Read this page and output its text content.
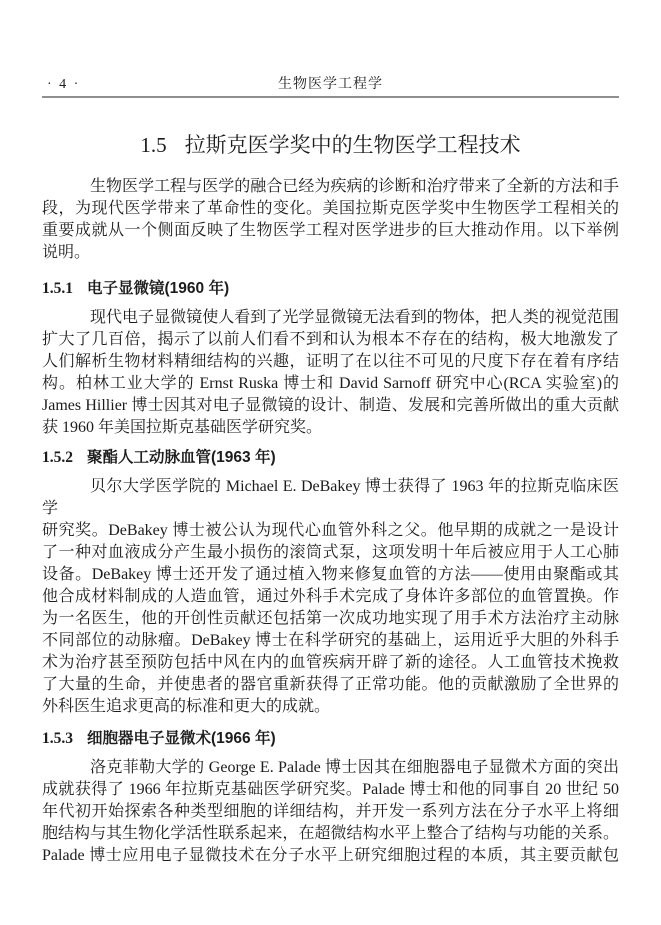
· 4 ·	生物医学工程学
1.5 拉斯克医学奖中的生物医学工程技术
生物医学工程与医学的融合已经为疾病的诊断和治疗带来了全新的方法和手
段，为现代医学带来了革命性的变化。美国拉斯克医学奖中生物医学工程相关的
重要成就从一个侧面反映了生物医学工程对医学进步的巨大推动作用。以下举例
说明。
1.5.1 电子显微镜(1960 年)
现代电子显微镜使人看到了光学显微镜无法看到的物体，把人类的视觉范围
扩大了几百倍，揭示了以前人们看不到和认为根本不存在的结构，极大地激发了
人们解析生物材料精细结构的兴趣，证明了在以往不可见的尺度下存在着有序结
构。柏林工业大学的 Ernst Ruska 博士和 David Sarnoff 研究中心(RCA 实验室)的
James Hillier 博士因其对电子显微镜的设计、制造、发展和完善所做出的重大贡献
获 1960 年美国拉斯克基础医学研究奖。
1.5.2 聚酯人工动脉血管(1963 年)
贝尔大学医学院的 Michael E. DeBakey 博士获得了 1963 年的拉斯克临床医学
研究奖。DeBakey 博士被公认为现代心血管外科之父。他早期的成就之一是设计
了一种对血液成分产生最小损伤的滚筒式泵，这项发明十年后被应用于人工心肺
设备。DeBakey 博士还开发了通过植入物来修复血管的方法——使用由聚酯或其
他合成材料制成的人造血管，通过外科手术完成了身体许多部位的血管置换。作
为一名医生，他的开创性贡献还包括第一次成功地实现了用手术方法治疗主动脉
不同部位的动脉瘤。DeBakey 博士在科学研究的基础上，运用近乎大胆的外科手
术为治疗甚至预防包括中风在内的血管疾病开辟了新的途径。人工血管技术挽救
了大量的生命，并使患者的器官重新获得了正常功能。他的贡献激励了全世界的
外科医生追求更高的标准和更大的成就。
1.5.3 细胞器电子显微术(1966 年)
洛克菲勒大学的 George E. Palade 博士因其在细胞器电子显微术方面的突出
成就获得了 1966 年拉斯克基础医学研究奖。Palade 博士和他的同事自 20 世纪 50
年代初开始探索各种类型细胞的详细结构，并开发一系列方法在分子水平上将细
胞结构与其生物化学活性联系起来，在超微结构水平上整合了结构与功能的关系。
Palade 博士应用电子显微技术在分子水平上研究细胞过程的本质，其主要贡献包
